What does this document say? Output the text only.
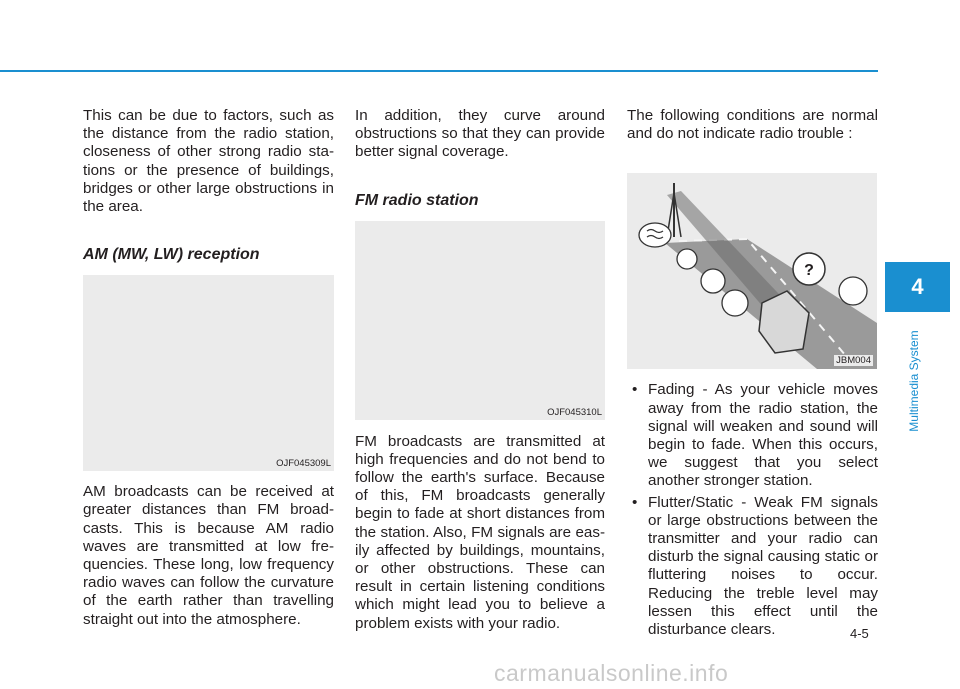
This can be due to factors, such as the distance from the radio station, closeness of other strong radio stations or the presence of buildings, bridges or other large obstructions in the area.

AM (MW, LW) reception
OJF045309L

AM broadcasts can be received at greater distances than FM broadcasts. This is because AM radio waves are transmitted at low frequencies. These long, low frequency radio waves can follow the curvature of the earth rather than travelling straight out into the atmosphere.

In addition, they curve around obstructions so that they can provide better signal coverage.

FM radio station
OJF045310L

FM broadcasts are transmitted at high frequencies and do not bend to follow the earth's surface. Because of this, FM broadcasts generally begin to fade at short distances from the station. Also, FM signals are easily affected by buildings, mountains, or other obstructions. These can result in certain listening conditions which might lead you to believe a problem exists with your radio.

The following conditions are normal and do not indicate radio trouble :

?
JBM004
• Fading - As your vehicle moves away from the radio station, the signal will weaken and sound will begin to fade. When this occurs, we suggest that you select another stronger station.
• Flutter/Static - Weak FM signals or large obstructions between the transmitter and your radio can disturb the signal causing static or fluttering noises to occur. Reducing the treble level may lessen this effect until the disturbance clears.
4
Multimedia System
4-5
carmanualsonline.info
